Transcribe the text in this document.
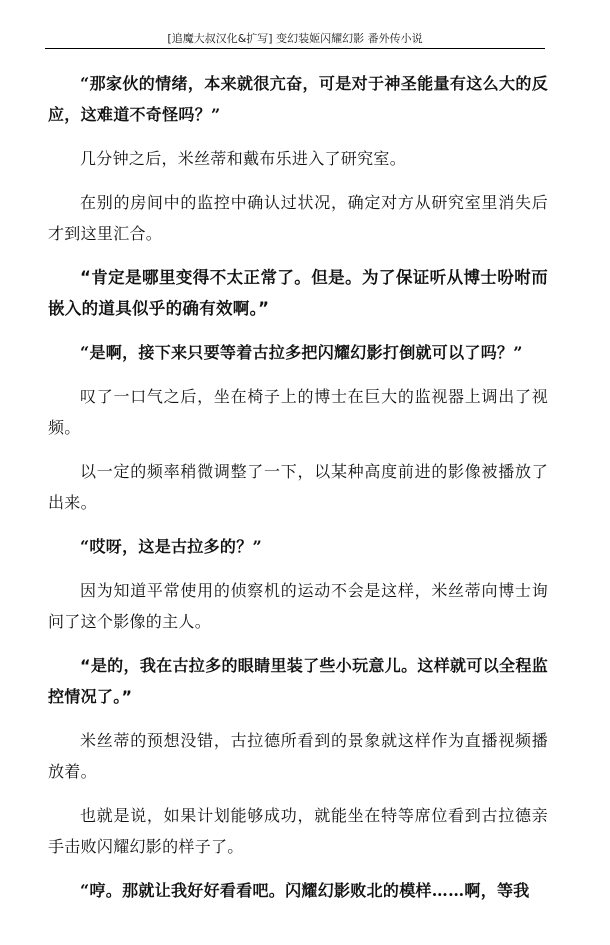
[追魔大叔汉化&扩写] 变幻装姬闪耀幻影 番外传小说

“那家伙的情绪，本来就很亢奋，可是对于神圣能量有这么大的反应，这难道不奇怪吗？”

几分钟之后，米丝蒂和戴布乐进入了研究室。

在别的房间中的监控中确认过状况，确定对方从研究室里消失后才到这里汇合。

“肯定是哪里变得不太正常了。但是。为了保证听从博士吩咐而嵌入的道具似乎的确有效啊。”

“是啊，接下来只要等着古拉多把闪耀幻影打倒就可以了吗？”

叹了一口气之后，坐在椅子上的博士在巨大的监视器上调出了视频。

以一定的频率稍微调整了一下，以某种高度前进的影像被播放了出来。

“哎呀，这是古拉多的？”

因为知道平常使用的侦察机的运动不会是这样，米丝蒂向博士询问了这个影像的主人。

“是的，我在古拉多的眼睛里装了些小玩意儿。这样就可以全程监控情况了。”

米丝蒂的预想没错，古拉德所看到的景象就这样作为直播视频播放着。

也就是说，如果计划能够成功，就能坐在特等席位看到古拉德亲手击败闪耀幻影的样子了。

“哼。那就让我好好看看吧。闪耀幻影败北的模样……啊，等我
